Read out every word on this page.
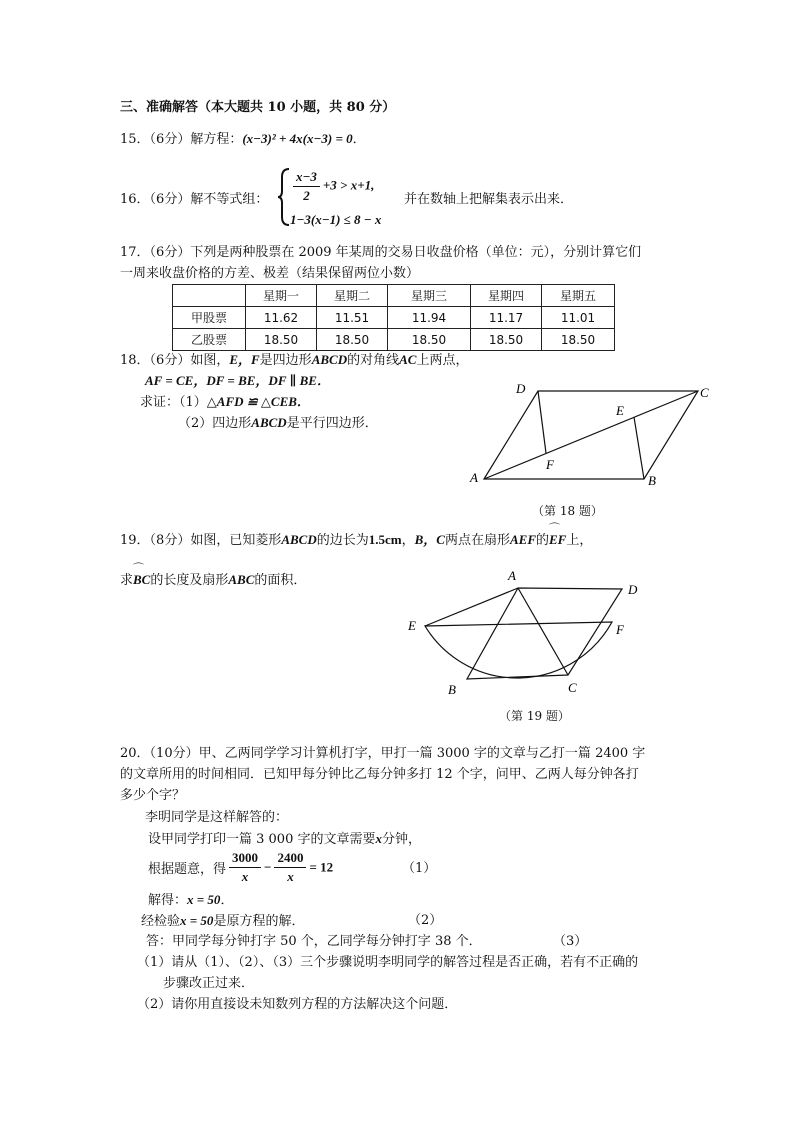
三、准确解答（本大题共 10 小题，共 80 分）
15．（6分）解方程：(x−3)² + 4x(x−3) = 0．
16．（6分）解不等式组： $\frac{x-3}{2} +3 > x+1$,
1−3(x−1) ≤ 8 − x
并在数轴上把解集表示出来．
17．（6分）下列是两种股票在 2009 年某周的交易日收盘价格（单位：元），分别计算它们
一周来收盘价格的方差、极差（结果保留两位小数）
	星期一	星期二	星期三	星期四	星期五
甲股票	11.62	11.51	11.94	11.17	11.01
乙股票	18.50	18.50	18.50	18.50	18.50
18．（6分）如图，E，F是四边形ABCD的对角线AC上两点，
AF = CE，DF = BE，DF ∥ BE．
求证：（1）△AFD ≌ △CEB．
（2）四边形ABCD是平行四边形．
A	B
C
D
E
F
（第 18 题）
19．（8分）如图，已知菱形ABCD的边长为1.5cm，B，C两点在扇形AEF的⌒ EF上，
求⌒ BC的长度及扇形ABC的面积．	A
B	C
D
E	F
（第 19 题）
20．（10分）甲、乙两同学学习计算机打字，甲打一篇 3000 字的文章与乙打一篇 2400 字
的文章所用的时间相同．已知甲每分钟比乙每分钟多打 12 个字，问甲、乙两人每分钟各打
多少个字？
李明同学是这样解答的：
设甲同学打印一篇 3 000 字的文章需要x分钟，
根据题意，得 $\frac{3000}{x} - \frac{2400}{x} = 12$	（1）
解得：x = 50．
经检验x = 50是原方程的解．	（2）
答：甲同学每分钟打字 50 个，乙同学每分钟打字 38 个．	（3）
（1）请从（1）、（2）、（3）三个步骤说明李明同学的解答过程是否正确，若有不正确的
步骤改正过来．
（2）请你用直接设未知数列方程的方法解决这个问题．
